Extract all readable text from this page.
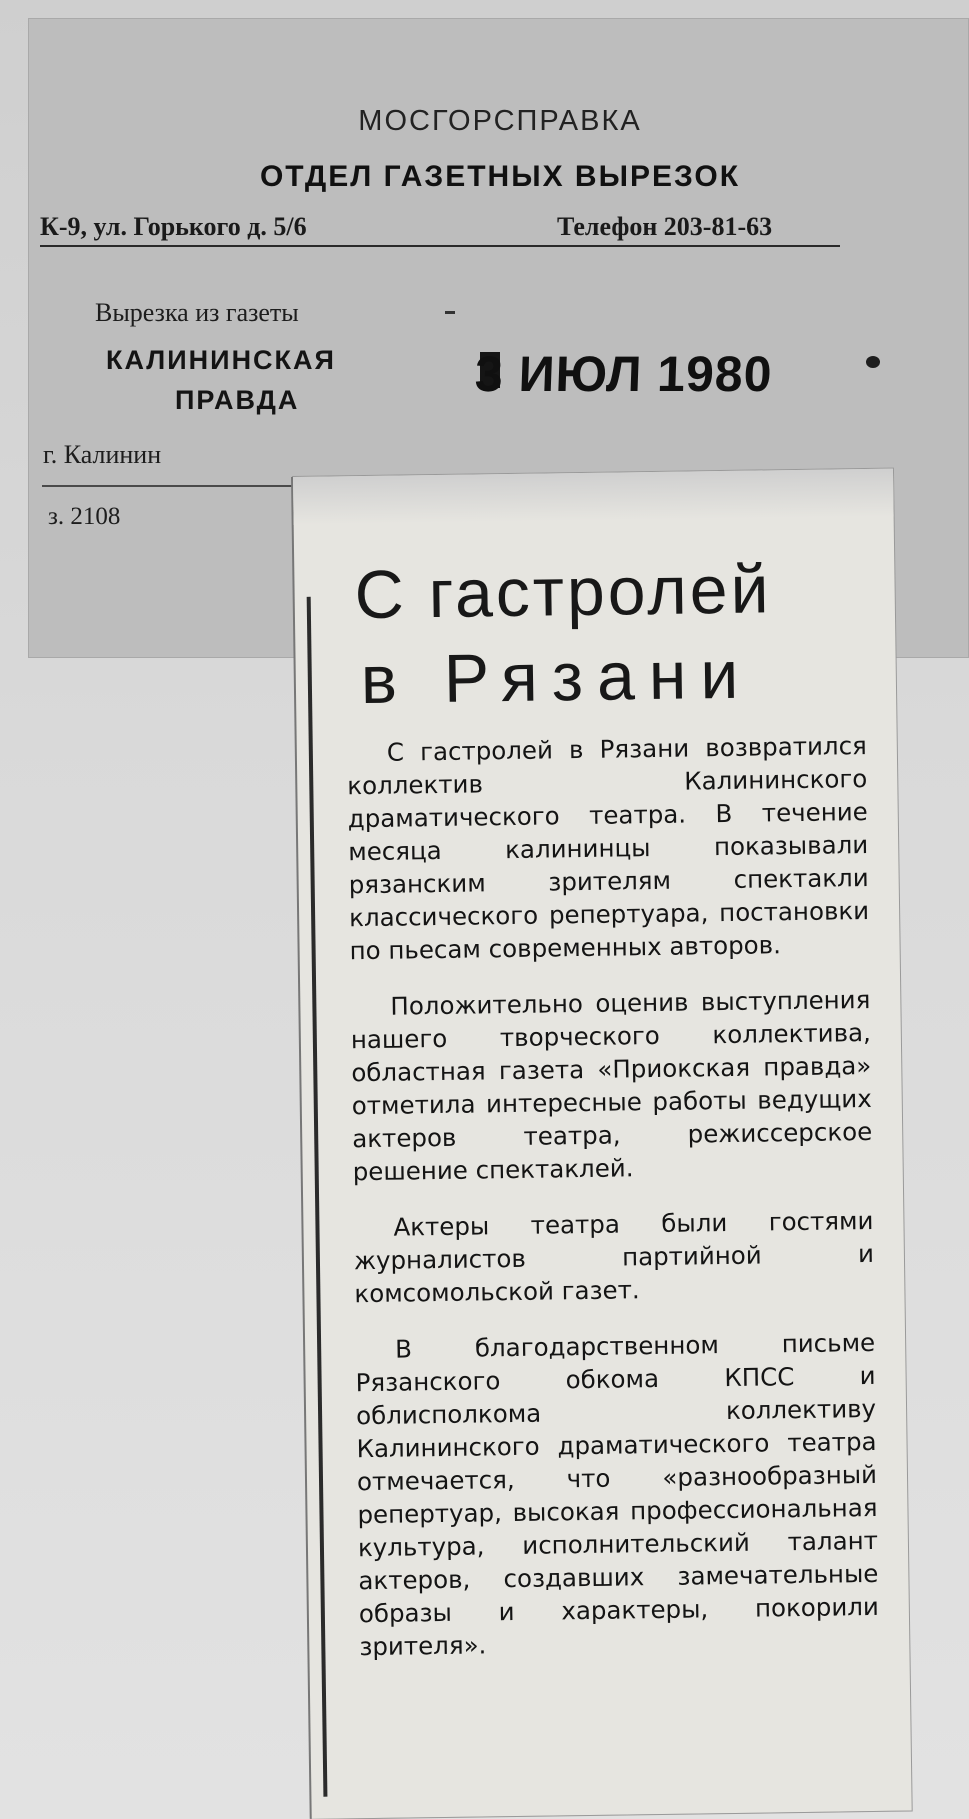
МОСГОРСПРАВКА
ОТДЕЛ ГАЗЕТНЫХ ВЫРЕЗОК
К-9, ул. Горького д. 5/6	Телефон 203-81-63
Вырезка из газеты
КАЛИНИНСКАЯ
ПРАВДА
г. Калинин
з. 2108
3 ИЮЛ 1980
С гастролей
в Рязани

С гастролей в Рязани возвратился коллектив Калининского драматического театра. В течение месяца калининцы показывали рязанским зрителям спектакли классического репертуара, постановки по пьесам современных авторов.

Положительно оценив выступления нашего творческого коллектива, областная газета «Приокская правда» отметила интересные работы ведущих актеров театра, режиссерское решение спектаклей.

Актеры театра были гостями журналистов партийной и комсомольской газет.

В благодарственном письме Рязанского обкома КПСС и облисполкома коллективу Калининского драматического театра отмечается, что «разнообразный репертуар, высокая профессиональная культура, исполнительский талант актеров, создавших замечательные образы и характеры, покорили зрителя».
